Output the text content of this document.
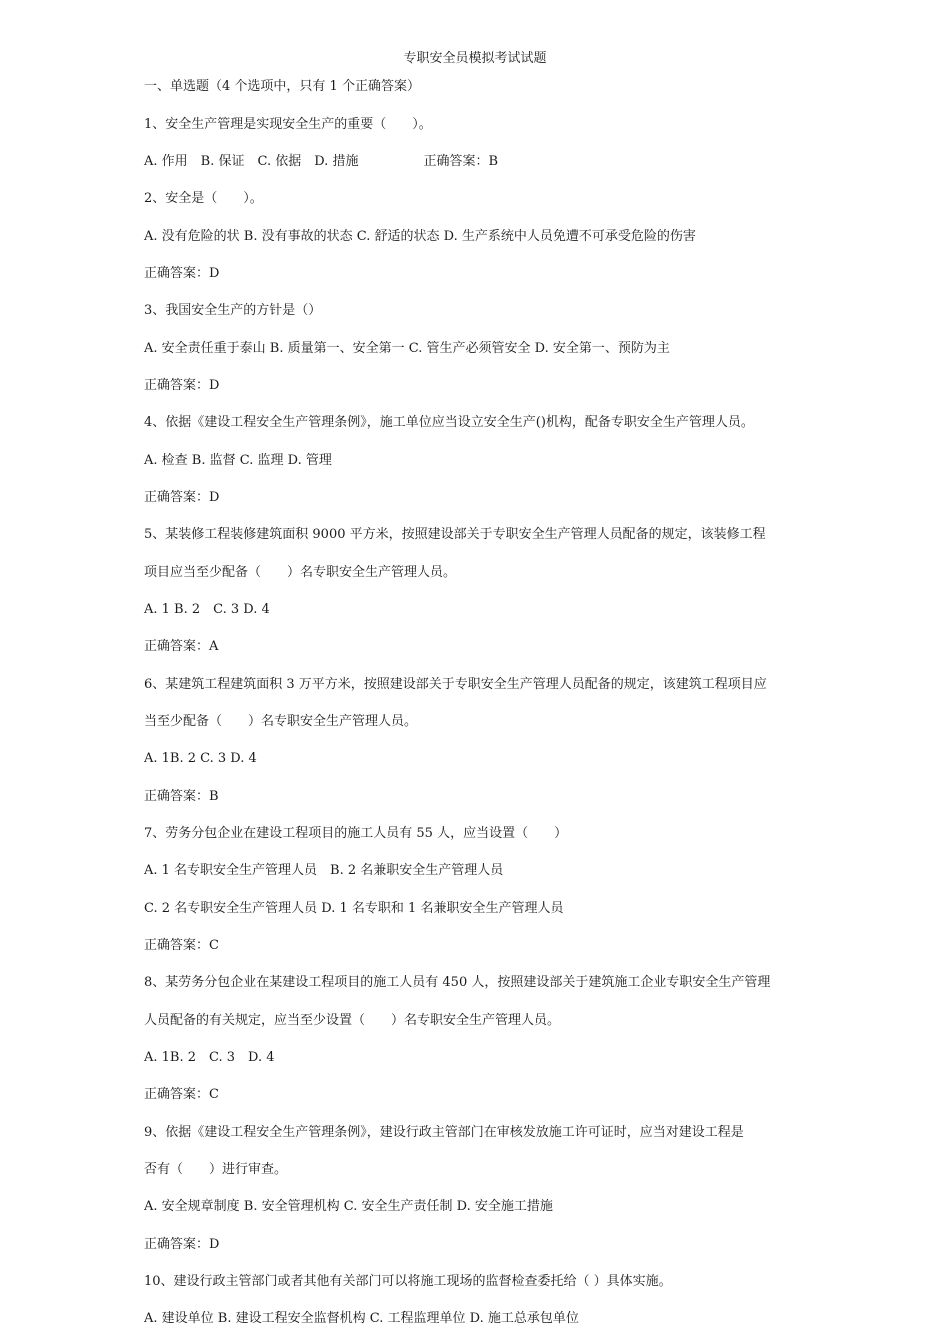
专职安全员模拟考试试题
一、单选题（4 个选项中，只有 1 个正确答案）
1、安全生产管理是实现安全生产的重要（　　）。
A. 作用　B. 保证　C. 依据　D. 措施　　　　　正确答案：B
2、安全是（　　）。
A. 没有危险的状 B. 没有事故的状态 C. 舒适的状态 D. 生产系统中人员免遭不可承受危险的伤害
正确答案：D
3、我国安全生产的方针是（）
A. 安全责任重于泰山 B. 质量第一、安全第一 C. 管生产必须管安全 D. 安全第一、预防为主
正确答案：D
4、依据《建设工程安全生产管理条例》，施工单位应当设立安全生产()机构，配备专职安全生产管理人员。
A. 检查 B. 监督 C. 监理 D. 管理
正确答案：D
5、某装修工程装修建筑面积 9000 平方米，按照建设部关于专职安全生产管理人员配备的规定，该装修工程
项目应当至少配备（　　）名专职安全生产管理人员。
A. 1 B. 2　C. 3 D. 4
正确答案：A
6、某建筑工程建筑面积 3 万平方米，按照建设部关于专职安全生产管理人员配备的规定，该建筑工程项目应
当至少配备（　　）名专职安全生产管理人员。
A. 1B. 2 C. 3 D. 4
正确答案：B
7、劳务分包企业在建设工程项目的施工人员有 55 人，应当设置（　　）
A. 1 名专职安全生产管理人员　B. 2 名兼职安全生产管理人员
C. 2 名专职安全生产管理人员 D. 1 名专职和 1 名兼职安全生产管理人员
正确答案：C
8、某劳务分包企业在某建设工程项目的施工人员有 450 人，按照建设部关于建筑施工企业专职安全生产管理
人员配备的有关规定，应当至少设置（　　）名专职安全生产管理人员。
A. 1B. 2　C. 3　D. 4
正确答案：C
9、依据《建设工程安全生产管理条例》，建设行政主管部门在审核发放施工许可证时，应当对建设工程是
否有（　　）进行审查。
A. 安全规章制度 B. 安全管理机构 C. 安全生产责任制 D. 安全施工措施
正确答案：D
10、建设行政主管部门或者其他有关部门可以将施工现场的监督检查委托给（ ）具体实施。
A. 建设单位 B. 建设工程安全监督机构 C. 工程监理单位 D. 施工总承包单位
